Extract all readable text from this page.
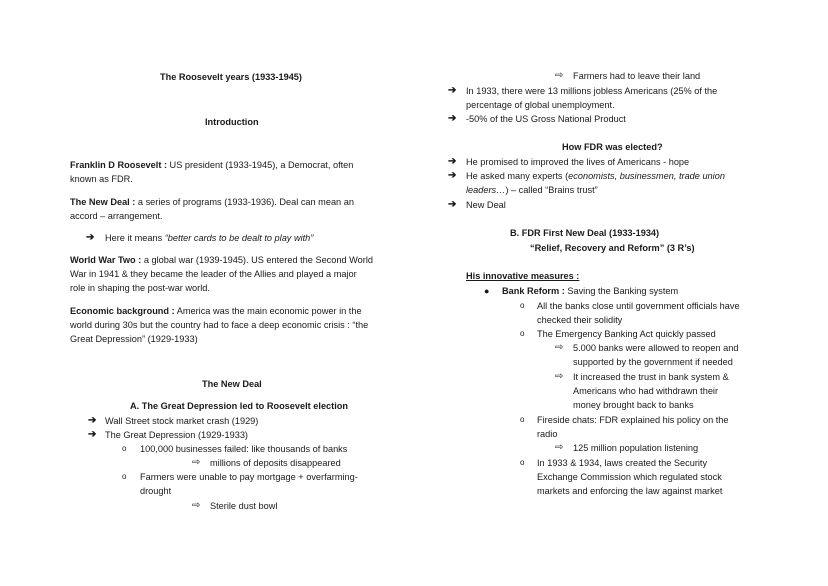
The Roosevelt years (1933-1945)
Introduction
Franklin D Roosevelt : US president (1933-1945), a Democrat, often
known as FDR.
The New Deal : a series of programs (1933-1936). Deal can mean an
accord – arrangement.
➔ Here it means “better cards to be dealt to play with”
World War Two : a global war (1939-1945). US entered the Second World
War in 1941 & they became the leader of the Allies and played a major
role in shaping the post-war world.
Economic background : America was the main economic power in the
world during 30s but the country had to face a deep economic crisis : “the
Great Depression” (1929-1933)
The New Deal
A. The Great Depression led to Roosevelt election
➔ Wall Street stock market crash (1929)
➔ The Great Depression (1929-1933)
o 100,000 businesses failed: like thousands of banks
⇨ millions of deposits disappeared
o Farmers were unable to pay mortgage + overfarming-
drought
⇨ Sterile dust bowl
⇨ Farmers had to leave their land
➔ In 1933, there were 13 millions jobless Americans (25% of the
percentage of global unemployment.
➔ -50% of the US Gross National Product
How FDR was elected?
➔ He promised to improved the lives of Americans - hope
➔ He asked many experts (economists, businessmen, trade union
leaders…) – called “Brains trust”
➔ New Deal
B. FDR First New Deal (1933-1934)
“Relief, Recovery and Reform” (3 R’s)
His innovative measures :
● Bank Reform : Saving the Banking system
o All the banks close until government officials have
checked their solidity
o The Emergency Banking Act quickly passed
⇨ 5.000 banks were allowed to reopen and
supported by the government if needed
⇨ It increased the trust in bank system &
Americans who had withdrawn their
money brought back to banks
o Fireside chats: FDR explained his policy on the
radio
⇨ 125 million population listening
o In 1933 & 1934, laws created the Security
Exchange Commission which regulated stock
markets and enforcing the law against market
